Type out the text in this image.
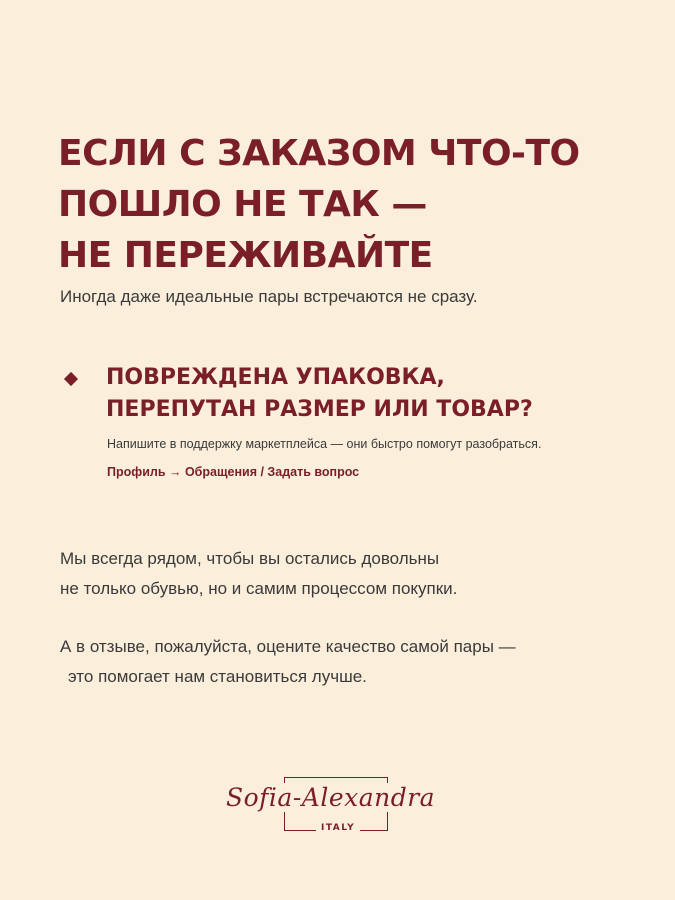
ЕСЛИ С ЗАКАЗОМ ЧТО-ТО
ПОШЛО НЕ ТАК —
НЕ ПЕРЕЖИВАЙТЕ
Иногда даже идеальные пары встречаются не сразу.
ПОВРЕЖДЕНА УПАКОВКА,
ПЕРЕПУТАН РАЗМЕР ИЛИ ТОВАР?
Напишите в поддержку маркетплейса — они быстро помогут разобраться.
Профиль → Обращения / Задать вопрос
Мы всегда рядом, чтобы вы остались довольны
не только обувью, но и самим процессом покупки.
А в отзыве, пожалуйста, оцените качество самой пары —
это помогает нам становиться лучше.
Sofia-Alexandra
ITALY
